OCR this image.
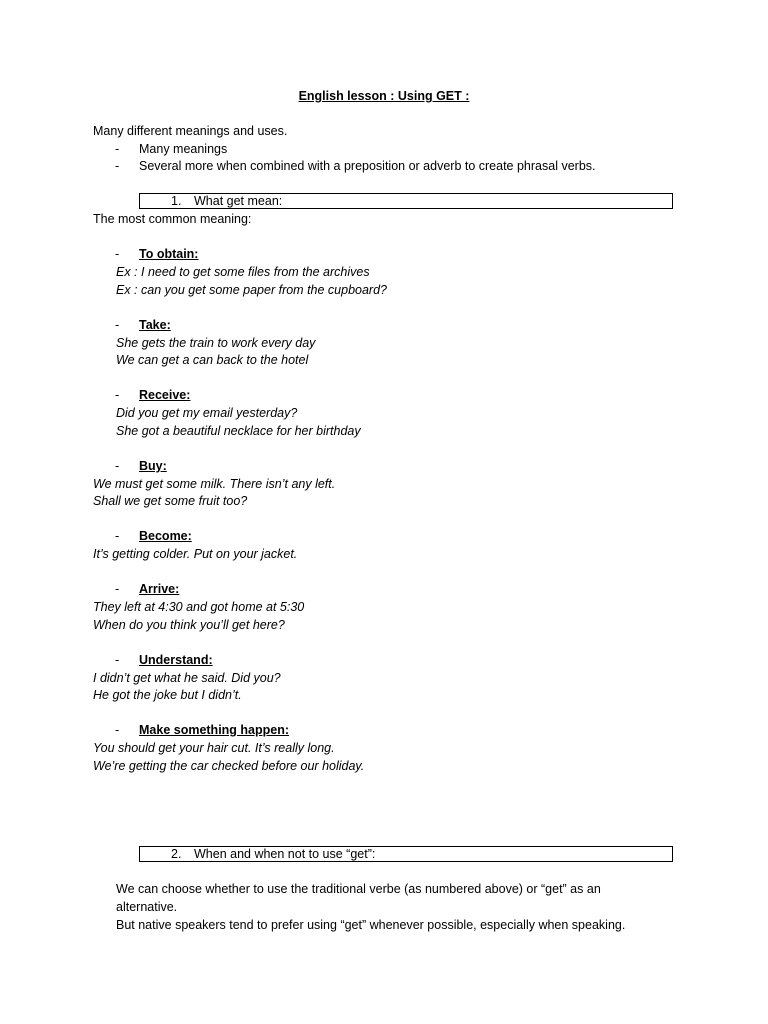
English lesson : Using GET :
Many different meanings and uses.
- Many meanings
- Several more when combined with a preposition or adverb to create phrasal verbs.
1. What get mean:
The most common meaning:
- To obtain:
Ex : I need to get some files from the archives
Ex : can you get some paper from the cupboard?
- Take:
She gets the train to work every day
We can get a can back to the hotel
- Receive:
Did you get my email yesterday?
She got a beautiful necklace for her birthday
- Buy:
We must get some milk. There isn’t any left.
Shall we get some fruit too?
- Become:
It’s getting colder. Put on your jacket.
- Arrive:
They left at 4:30 and got home at 5:30
When do you think you’ll get here?
- Understand:
I didn’t get what he said. Did you?
He got the joke but I didn’t.
- Make something happen:
You should get your hair cut. It’s really long.
We’re getting the car checked before our holiday.
2. When and when not to use “get”:
We can choose whether to use the traditional verbe (as numbered above) or “get” as an
alternative.
But native speakers tend to prefer using “get” whenever possible, especially when speaking.
